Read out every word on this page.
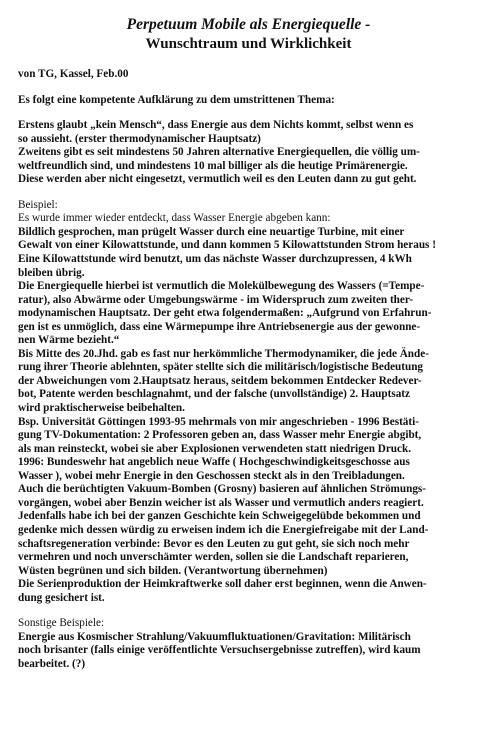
Perpetuum Mobile als Energiequelle -
Wunschtraum und Wirklichkeit
von TG, Kassel, Feb.00
Es folgt eine kompetente Aufklärung zu dem umstrittenen Thema:
Erstens glaubt „kein Mensch“, dass Energie aus dem Nichts kommt, selbst wenn es
so aussieht. (erster thermodynamischer Hauptsatz)
Zweitens gibt es seit mindestens 50 Jahren alternative Energiequellen, die völlig um-
weltfreundlich sind, und mindestens 10 mal billiger als die heutige Primärenergie.
Diese werden aber nicht eingesetzt, vermutlich weil es den Leuten dann zu gut geht.
Beispiel:
Es wurde immer wieder entdeckt, dass Wasser Energie abgeben kann:
Bildlich gesprochen, man prügelt Wasser durch eine neuartige Turbine, mit einer
Gewalt von einer Kilowattstunde, und dann kommen 5 Kilowattstunden Strom heraus !
Eine Kilowattstunde wird benutzt, um das nächste Wasser durchzupressen, 4 kWh
bleiben übrig.
Die Energiequelle hierbei ist vermutlich die Molekülbewegung des Wassers (=Tempe-
ratur), also Abwärme oder Umgebungswärme - im Widerspruch zum zweiten ther-
modynamischen Hauptsatz. Der geht etwa folgendermaßen: „Aufgrund von Erfahrun-
gen ist es unmöglich, dass eine Wärmepumpe ihre Antriebsenergie aus der gewonne-
nen Wärme bezieht.“
Bis Mitte des 20.Jhd. gab es fast nur herkömmliche Thermodynamiker, die jede Ände-
rung ihrer Theorie ablehnten, später stellte sich die militärisch/logistische Bedeutung
der Abweichungen vom 2.Hauptsatz heraus, seitdem bekommen Entdecker Redever-
bot, Patente werden beschlagnahmt, und der falsche (unvollständige) 2. Hauptsatz
wird praktischerweise beibehalten.
Bsp. Universität Göttingen 1993-95 mehrmals von mir angeschrieben - 1996 Bestäti-
gung TV-Dokumentation: 2 Professoren geben an, dass Wasser mehr Energie abgibt,
als man reinsteckt, wobei sie aber Explosionen verwendeten statt niedrigen Druck.
1996: Bundeswehr hat angeblich neue Waffe ( Hochgeschwindigkeitsgeschosse aus
Wasser ), wobei mehr Energie in den Geschossen steckt als in den Treibladungen.
Auch die berüchtigten Vakuum-Bomben (Grosny) basieren auf ähnlichen Strömungs-
vorgängen, wobei aber Benzin weicher ist als Wasser und vermutlich anders reagiert.
Jedenfalls habe ich bei der ganzen Geschichte kein Schweigegelübde bekommen und
gedenke mich dessen würdig zu erweisen indem ich die Energiefreigabe mit der Land-
schaftsregeneration verbinde: Bevor es den Leuten zu gut geht, sie sich noch mehr
vermehren und noch unverschämter werden, sollen sie die Landschaft reparieren,
Wüsten begrünen und sich bilden. (Verantwortung übernehmen)
Die Serienproduktion der Heimkraftwerke soll daher erst beginnen, wenn die Anwen-
dung gesichert ist.
Sonstige Beispiele:
Energie aus Kosmischer Strahlung/Vakuumfluktuationen/Gravitation: Militärisch
noch brisanter (falls einige veröffentlichte Versuchsergebnisse zutreffen), wird kaum
bearbeitet. (?)
